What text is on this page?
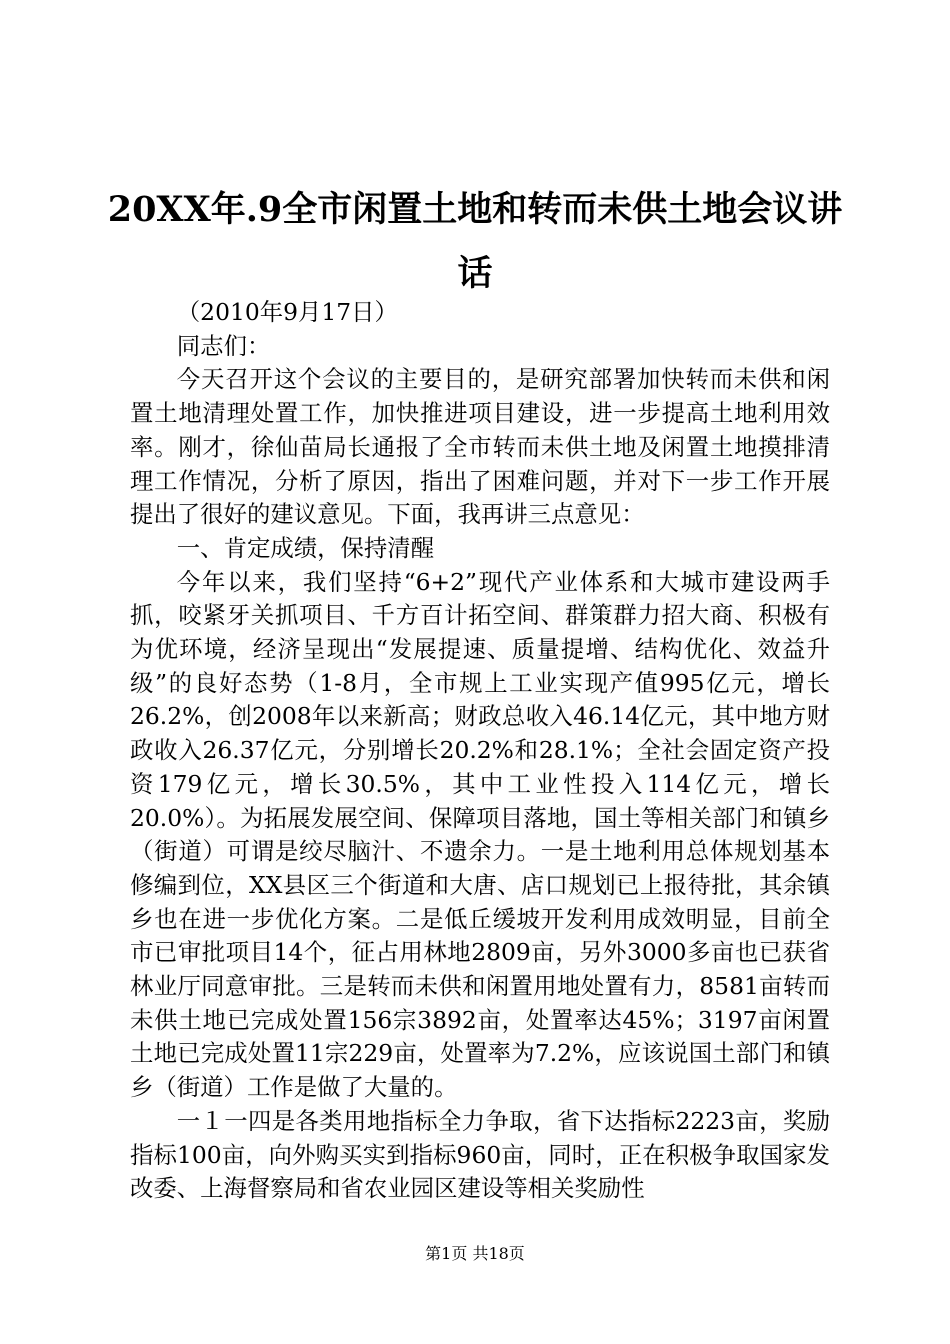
20XX年.9全市闲置土地和转而未供土地会议讲话

（2010年9月17日）

同志们：

今天召开这个会议的主要目的，是研究部署加快转而未供和闲置土地清理处置工作，加快推进项目建设，进一步提高土地利用效率。刚才，徐仙苗局长通报了全市转而未供土地及闲置土地摸排清理工作情况，分析了原因，指出了困难问题，并对下一步工作开展提出了很好的建议意见。下面，我再讲三点意见：

一、肯定成绩，保持清醒

今年以来，我们坚持“6+2”现代产业体系和大城市建设两手抓，咬紧牙关抓项目、千方百计拓空间、群策群力招大商、积极有为优环境，经济呈现出“发展提速、质量提增、结构优化、效益升级”的良好态势（1-8月，全市规上工业实现产值995亿元，增长26.2%，创2008年以来新高；财政总收入46.14亿元，其中地方财政收入26.37亿元，分别增长20.2%和28.1%；全社会固定资产投资179亿元，增长30.5%，其中工业性投入114亿元，增长20.0%）。为拓展发展空间、保障项目落地，国土等相关部门和镇乡（街道）可谓是绞尽脑汁、不遗余力。一是土地利用总体规划基本修编到位，XX县区三个街道和大唐、店口规划已上报待批，其余镇乡也在进一步优化方案。二是低丘缓坡开发利用成效明显，目前全市已审批项目14个，征占用林地2809亩，另外3000多亩也已获省林业厅同意审批。三是转而未供和闲置用地处置有力，8581亩转而未供土地已完成处置156宗3892亩，处置率达45%；3197亩闲置土地已完成处置11宗229亩，处置率为7.2%，应该说国土部门和镇乡（街道）工作是做了大量的。

一１一四是各类用地指标全力争取，省下达指标2223亩，奖励指标100亩，向外购买实到指标960亩，同时，正在积极争取国家发改委、上海督察局和省农业园区建设等相关奖励性

第1页 共18页
